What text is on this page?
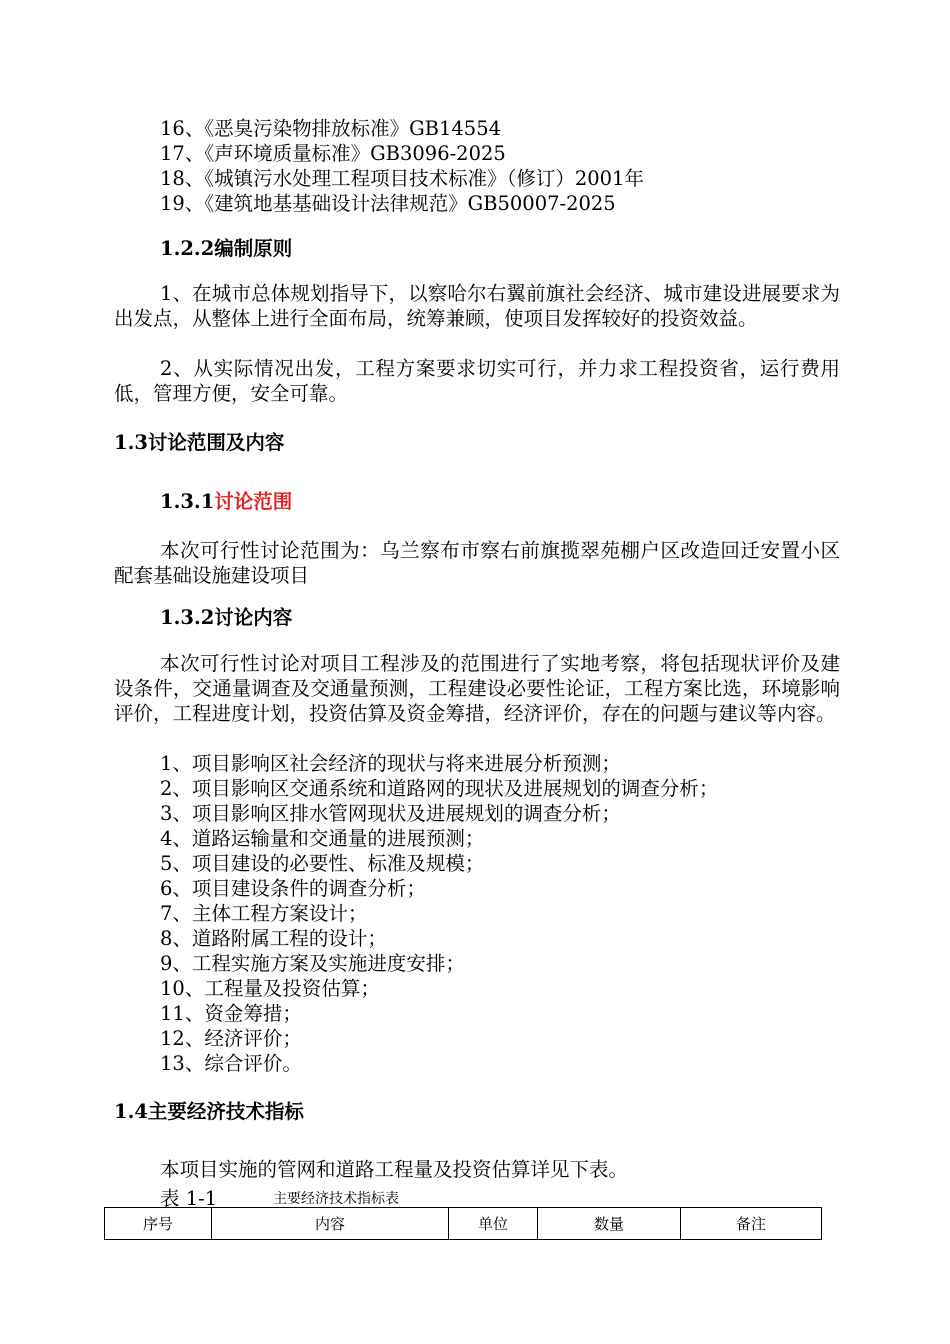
16、《恶臭污染物排放标准》GB14554
17、《声环境质量标准》GB3096-2025
18、《城镇污水处理工程项目技术标准》（修订）2001年
19、《建筑地基基础设计法律规范》GB50007-2025
1.2.2编制原则
1、在城市总体规划指导下，以察哈尔右翼前旗社会经济、城市建设进展要求为出发点，从整体上进行全面布局，统筹兼顾，使项目发挥较好的投资效益。
2、从实际情况出发，工程方案要求切实可行，并力求工程投资省，运行费用低，管理方便，安全可靠。
1.3讨论范围及内容
1.3.1讨论范围
本次可行性讨论范围为：乌兰察布市察右前旗揽翠苑棚户区改造回迁安置小区配套基础设施建设项目
1.3.2讨论内容
本次可行性讨论对项目工程涉及的范围进行了实地考察，将包括现状评价及建设条件，交通量调查及交通量预测，工程建设必要性论证，工程方案比选，环境影响评价，工程进度计划，投资估算及资金筹措，经济评价，存在的问题与建议等内容。
1、项目影响区社会经济的现状与将来进展分析预测；
2、项目影响区交通系统和道路网的现状及进展规划的调查分析；
3、项目影响区排水管网现状及进展规划的调查分析；
4、道路运输量和交通量的进展预测；
5、项目建设的必要性、标准及规模；
6、项目建设条件的调查分析；
7、主体工程方案设计；
8、道路附属工程的设计；
9、工程实施方案及实施进度安排；
10、工程量及投资估算；
11、资金筹措；
12、经济评价；
13、综合评价。
1.4主要经济技术指标
本项目实施的管网和道路工程量及投资估算详见下表。
表 1-1	主要经济技术指标表
序号	内容	单位	数量	备注
